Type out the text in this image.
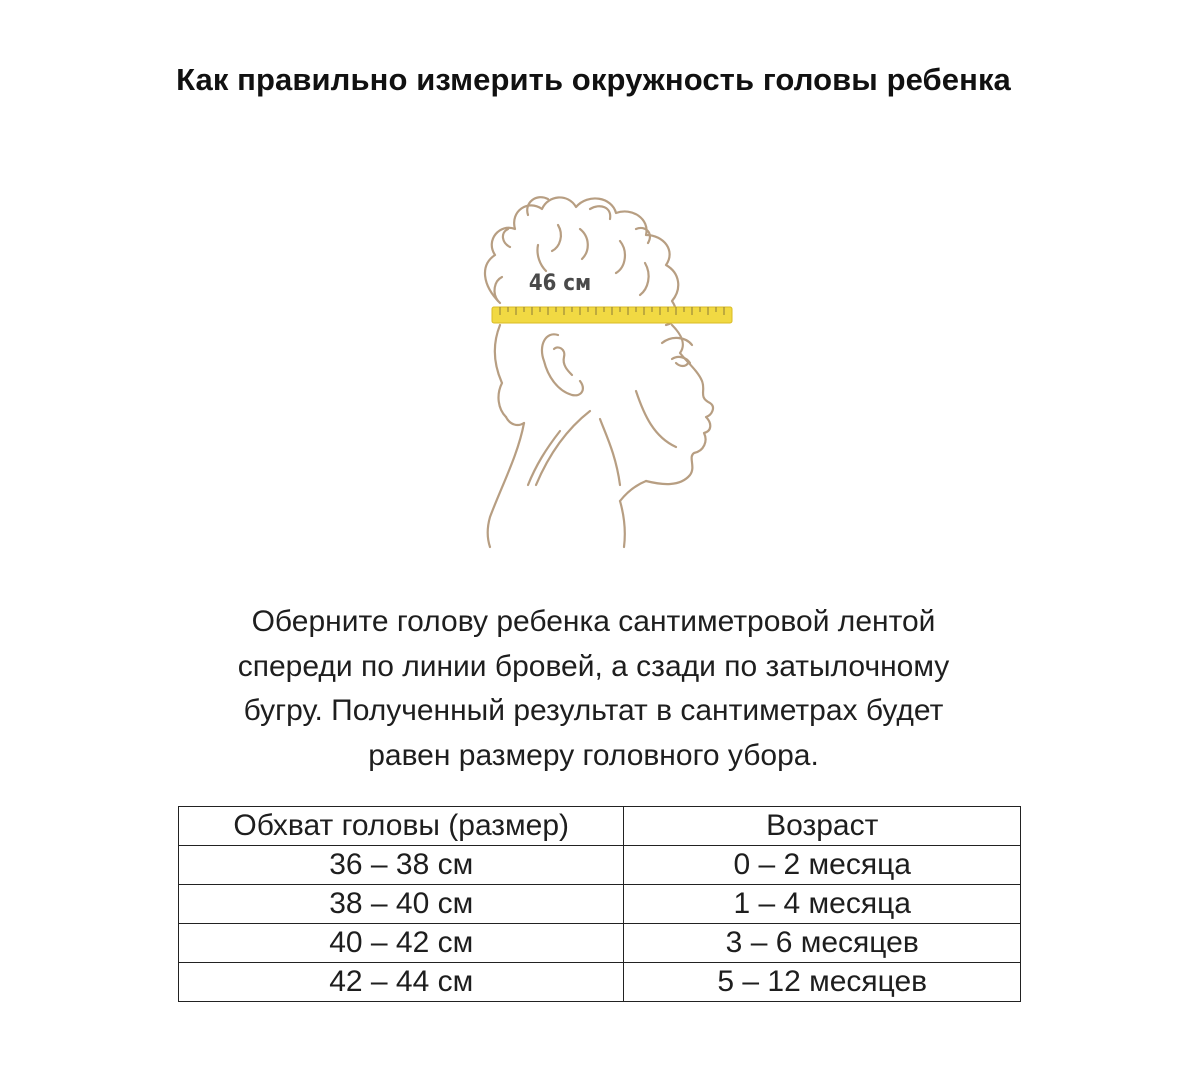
Как правильно измерить окружность головы ребенка
46 см
Оберните голову ребенка сантиметровой лентой
спереди по линии бровей, а сзади по затылочному
бугру. Полученный результат в сантиметрах будет
равен размеру головного убора.
Обхват головы (размер)	Возраст
36 – 38 см	0 – 2 месяца
38 – 40 см	1 – 4 месяца
40 – 42 см	3 – 6 месяцев
42 – 44 см	5 – 12 месяцев
